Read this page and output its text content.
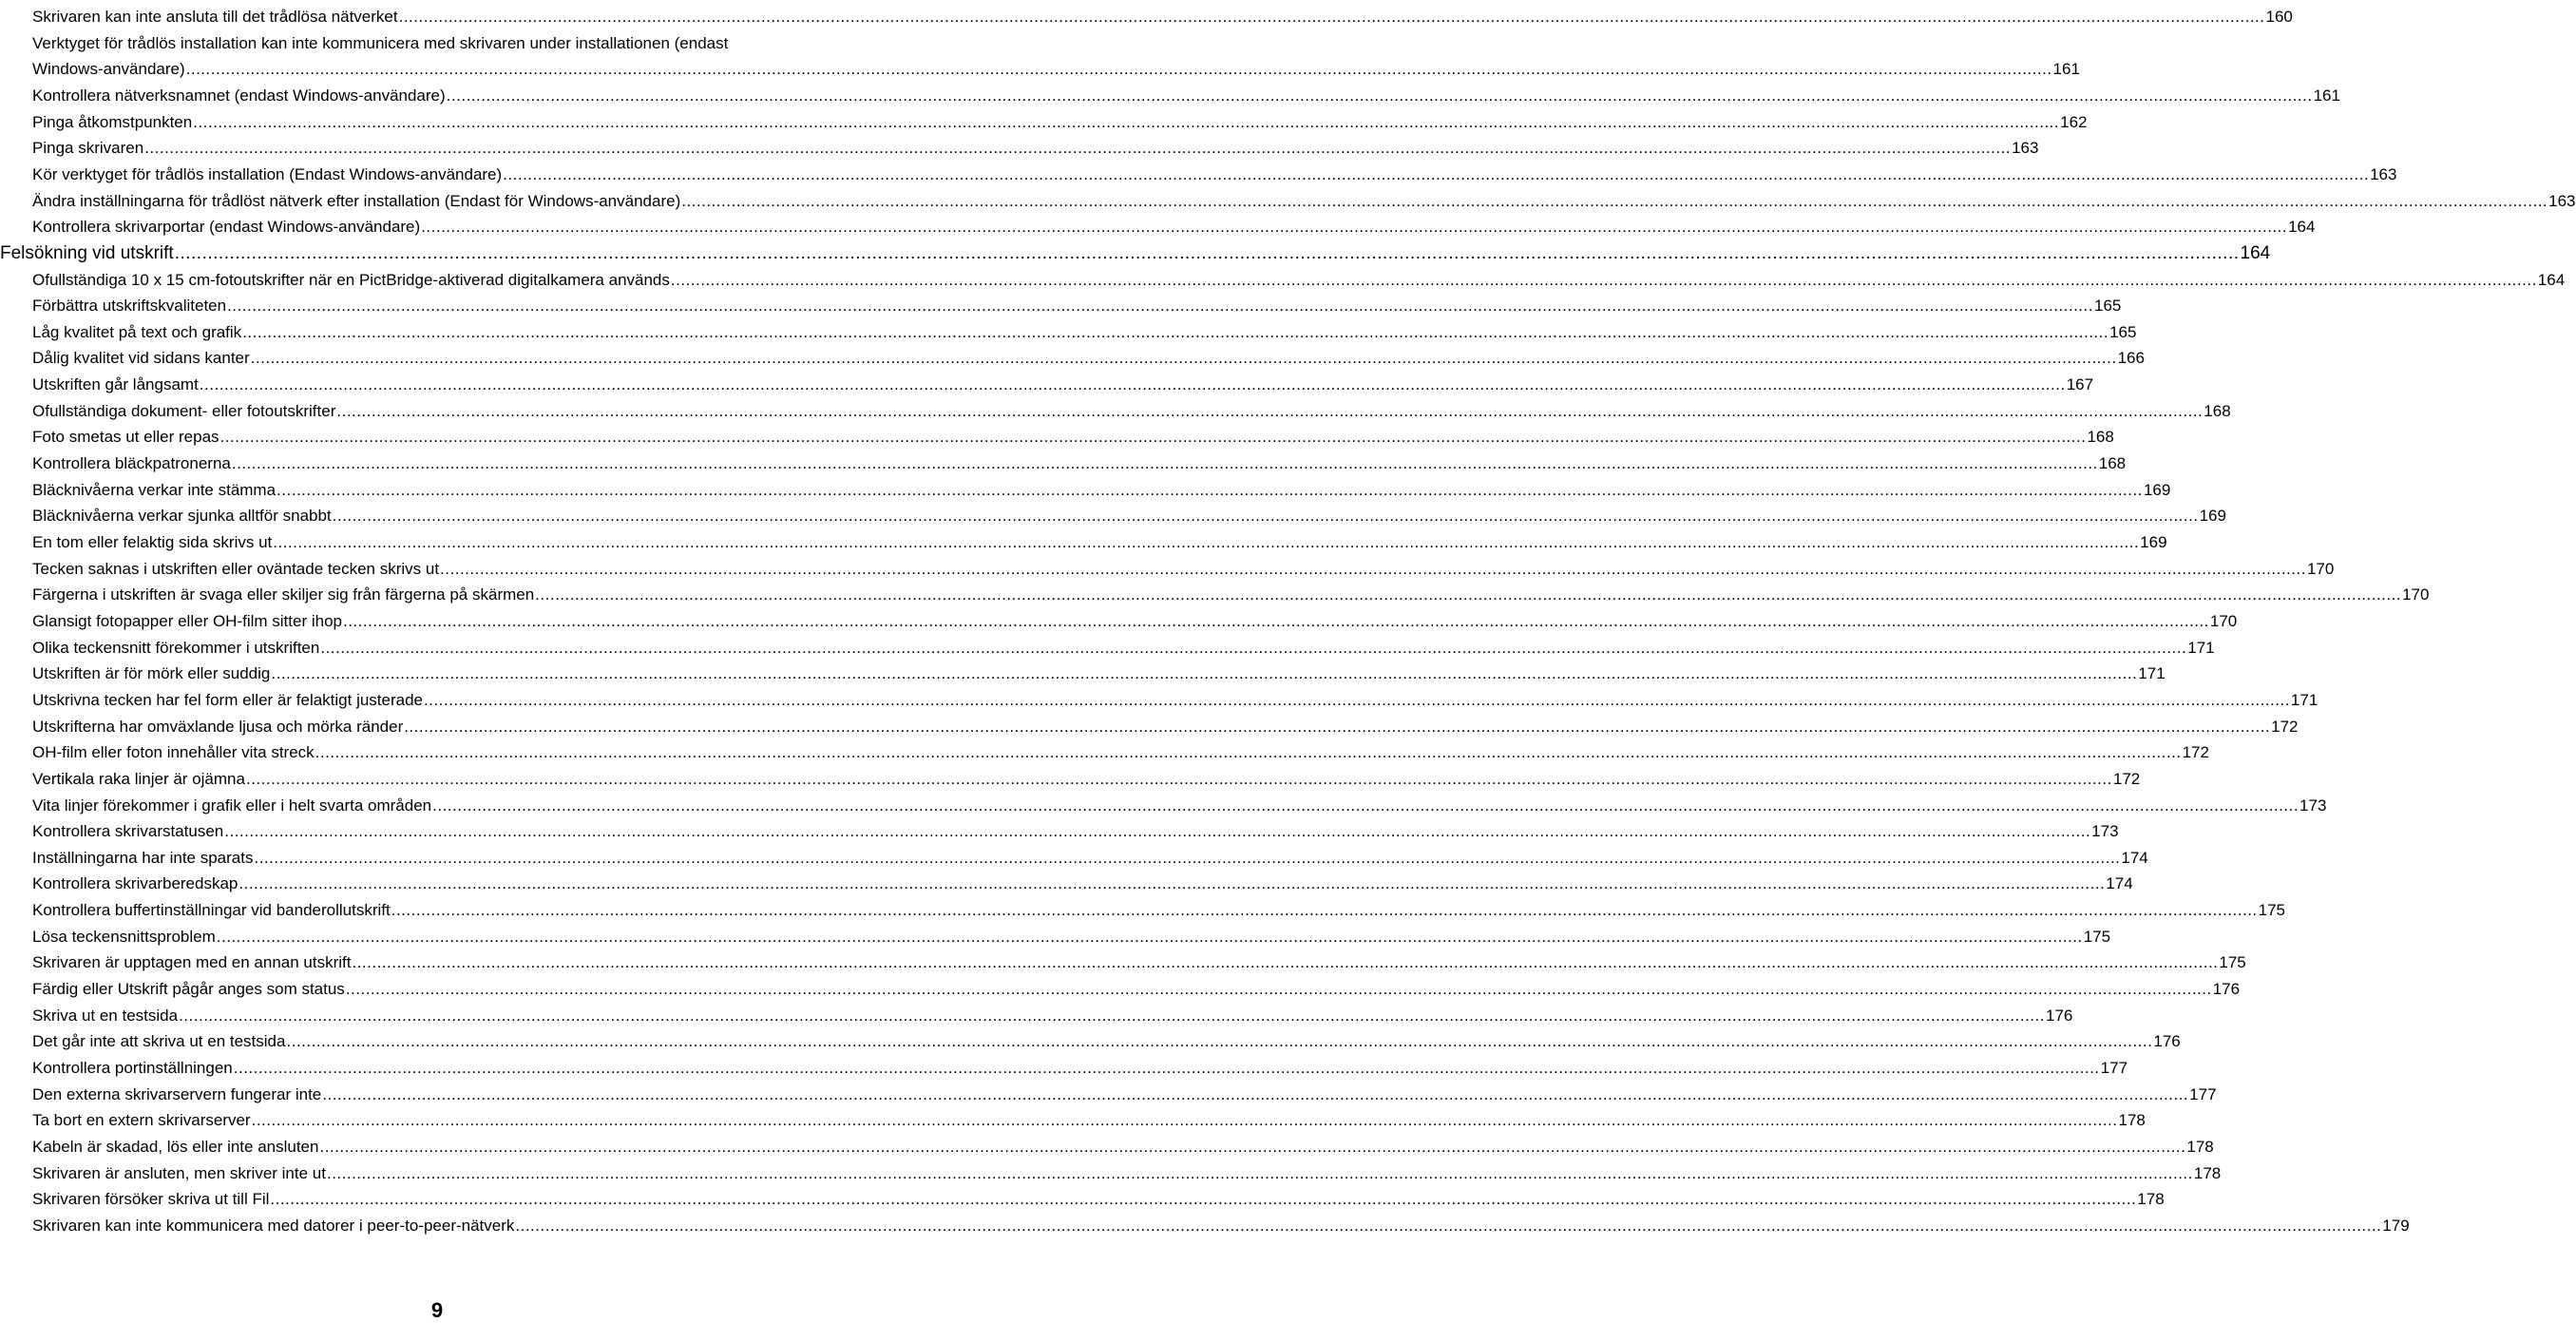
Skrivaren kan inte ansluta till det trådlösa nätverket .....	160
Verktyget för trådlös installation kan inte kommunicera med skrivaren under installationen (endast
Windows-användare) .....	161
Kontrollera nätverksnamnet (endast Windows-användare) .....	161
Pinga åtkomstpunkten .....	162
Pinga skrivaren .....	163
Kör verktyget för trådlös installation (Endast Windows-användare) .....	163
Ändra inställningarna för trådlöst nätverk efter installation (Endast för Windows-användare) .....	163
Kontrollera skrivarportar (endast Windows-användare) .....	164
Felsökning vid utskrift .....	164
Ofullständiga 10 x 15 cm-fotoutskrifter när en PictBridge-aktiverad digitalkamera används .....	164
Förbättra utskriftskvaliteten .....	165
Låg kvalitet på text och grafik .....	165
Dålig kvalitet vid sidans kanter .....	166
Utskriften går långsamt .....	167
Ofullständiga dokument- eller fotoutskrifter .....	168
Foto smetas ut eller repas .....	168
Kontrollera bläckpatronerna .....	168
Bläcknivåerna verkar inte stämma .....	169
Bläcknivåerna verkar sjunka alltför snabbt .....	169
En tom eller felaktig sida skrivs ut .....	169
Tecken saknas i utskriften eller oväntade tecken skrivs ut .....	170
Färgerna i utskriften är svaga eller skiljer sig från färgerna på skärmen .....	170
Glansigt fotopapper eller OH-film sitter ihop .....	170
Olika teckensnitt förekommer i utskriften .....	171
Utskriften är för mörk eller suddig .....	171
Utskrivna tecken har fel form eller är felaktigt justerade .....	171
Utskrifterna har omväxlande ljusa och mörka ränder .....	172
OH-film eller foton innehåller vita streck .....	172
Vertikala raka linjer är ojämna .....	172
Vita linjer förekommer i grafik eller i helt svarta områden .....	173
Kontrollera skrivarstatusen .....	173
Inställningarna har inte sparats .....	174
Kontrollera skrivarberedskap .....	174
Kontrollera buffertinställningar vid banderollutskrift .....	175
Lösa teckensnittsproblem .....	175
Skrivaren är upptagen med en annan utskrift .....	175
Färdig eller Utskrift pågår anges som status .....	176
Skriva ut en testsida .....	176
Det går inte att skriva ut en testsida .....	176
Kontrollera portinställningen .....	177
Den externa skrivarservern fungerar inte .....	177
Ta bort en extern skrivarserver .....	178
Kabeln är skadad, lös eller inte ansluten .....	178
Skrivaren är ansluten, men skriver inte ut .....	178
Skrivaren försöker skriva ut till Fil .....	178
Skrivaren kan inte kommunicera med datorer i peer-to-peer-nätverk .....	179
9
